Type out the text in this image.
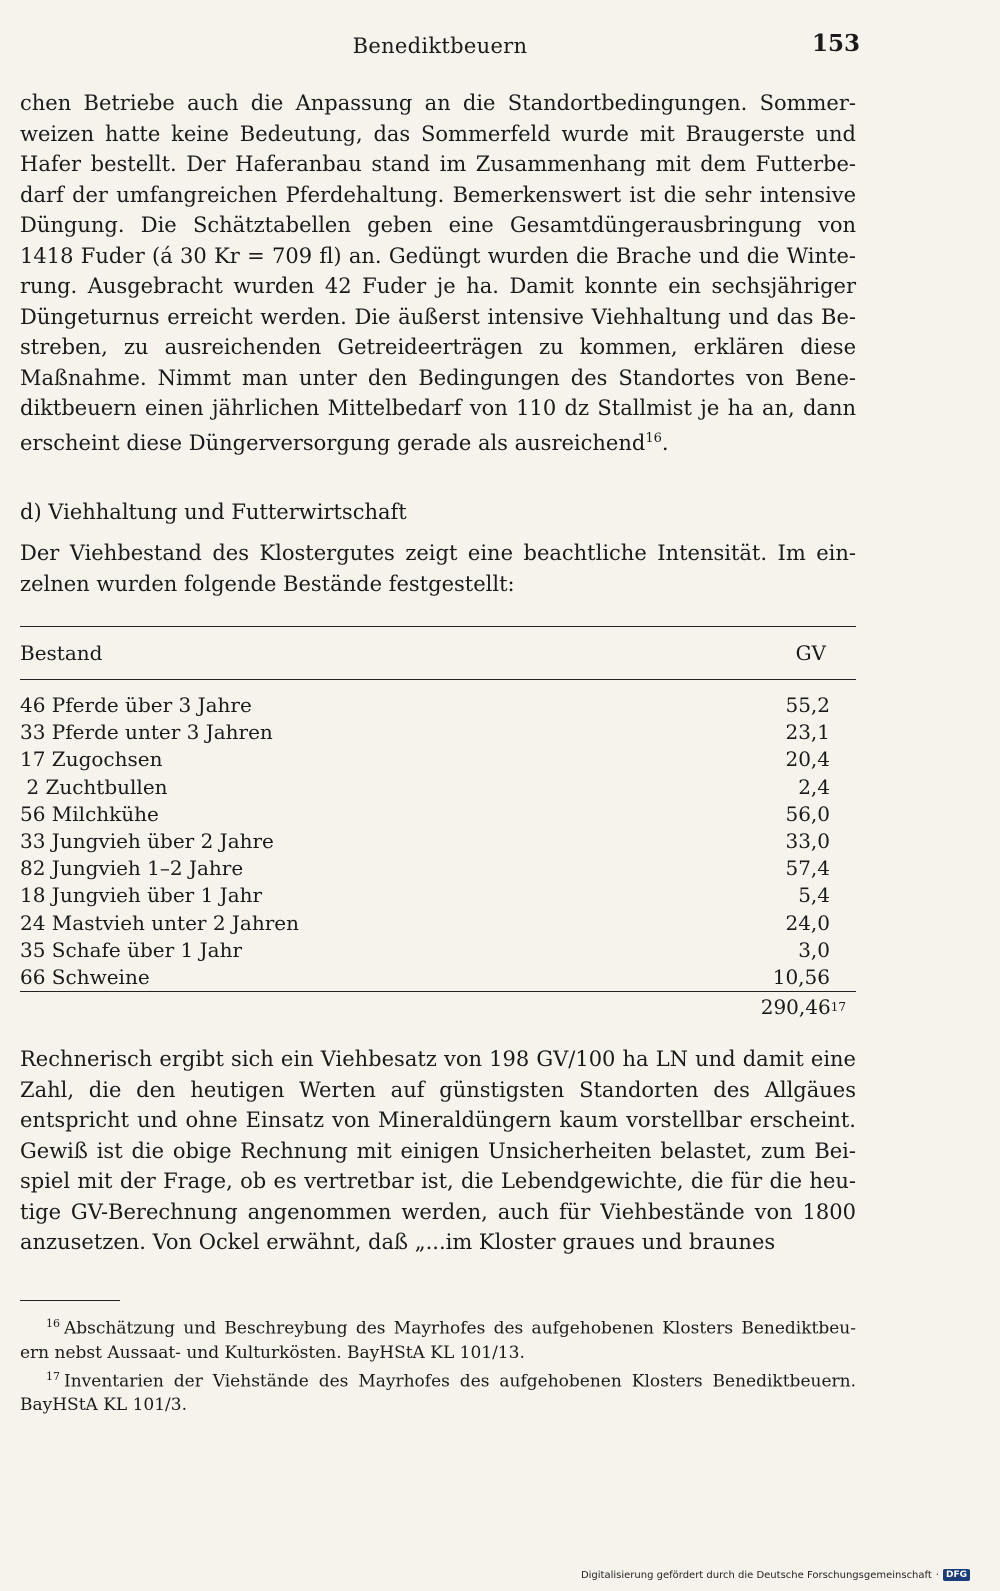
Benediktbeuern	153
chen Betriebe auch die Anpassung an die Standortbedingungen. Sommer-weizen hatte keine Bedeutung, das Sommerfeld wurde mit Braugerste und Hafer bestellt. Der Haferanbau stand im Zusammenhang mit dem Futterbe-darf der umfangreichen Pferdehaltung. Bemerkenswert ist die sehr intensive Düngung. Die Schätztabellen geben eine Gesamtdüngerausbringung von 1418 Fuder (á 30 Kr = 709 fl) an. Gedüngt wurden die Brache und die Winte-rung. Ausgebracht wurden 42 Fuder je ha. Damit konnte ein sechsjähriger Düngeturnus erreicht werden. Die äußerst intensive Viehhaltung und das Be-streben, zu ausreichenden Getreideerträgen zu kommen, erklären diese Maßnahme. Nimmt man unter den Bedingungen des Standortes von Bene-diktbeuern einen jährlichen Mittelbedarf von 110 dz Stallmist je ha an, dann erscheint diese Düngerversorgung gerade als ausreichend$^{16}$.
d) Viehhaltung und Futterwirtschaft
Der Viehbestand des Klostergutes zeigt eine beachtliche Intensität. Im ein-zelnen wurden folgende Bestände festgestellt:
Bestand	GV
46 Pferde über 3 Jahre	55,2
33 Pferde unter 3 Jahren	23,1
17 Zugochsen	20,4
2 Zuchtbullen	2,4
56 Milchkühe	56,0
33 Jungvieh über 2 Jahre	33,0
82 Jungvieh 1–2 Jahre	57,4
18 Jungvieh über 1 Jahr	5,4
24 Mastvieh unter 2 Jahren	24,0
35 Schafe über 1 Jahr	3,0
66 Schweine	10,56
290,46 17
Rechnerisch ergibt sich ein Viehbesatz von 198 GV/100 ha LN und damit eine Zahl, die den heutigen Werten auf günstigsten Standorten des Allgäues entspricht und ohne Einsatz von Mineraldüngern kaum vorstellbar erscheint. Gewiß ist die obige Rechnung mit einigen Unsicherheiten belastet, zum Bei-spiel mit der Frage, ob es vertretbar ist, die Lebendgewichte, die für die heu-tige GV-Berechnung angenommen werden, auch für Viehbestände von 1800 anzusetzen. Von Ockel erwähnt, daß „...im Kloster graues und braunes

$^{16}$ Abschätzung und Beschreybung des Mayrhofes des aufgehobenen Klosters Benediktbeu-ern nebst Aussaat- und Kulturkösten. BayHStA KL 101/13.

$^{17}$ Inventarien der Viehstände des Mayrhofes des aufgehobenen Klosters Benediktbeuern. BayHStA KL 101/3.

Digitalisierung gefördert durch die Deutsche Forschungsgemeinschaft · DFG
